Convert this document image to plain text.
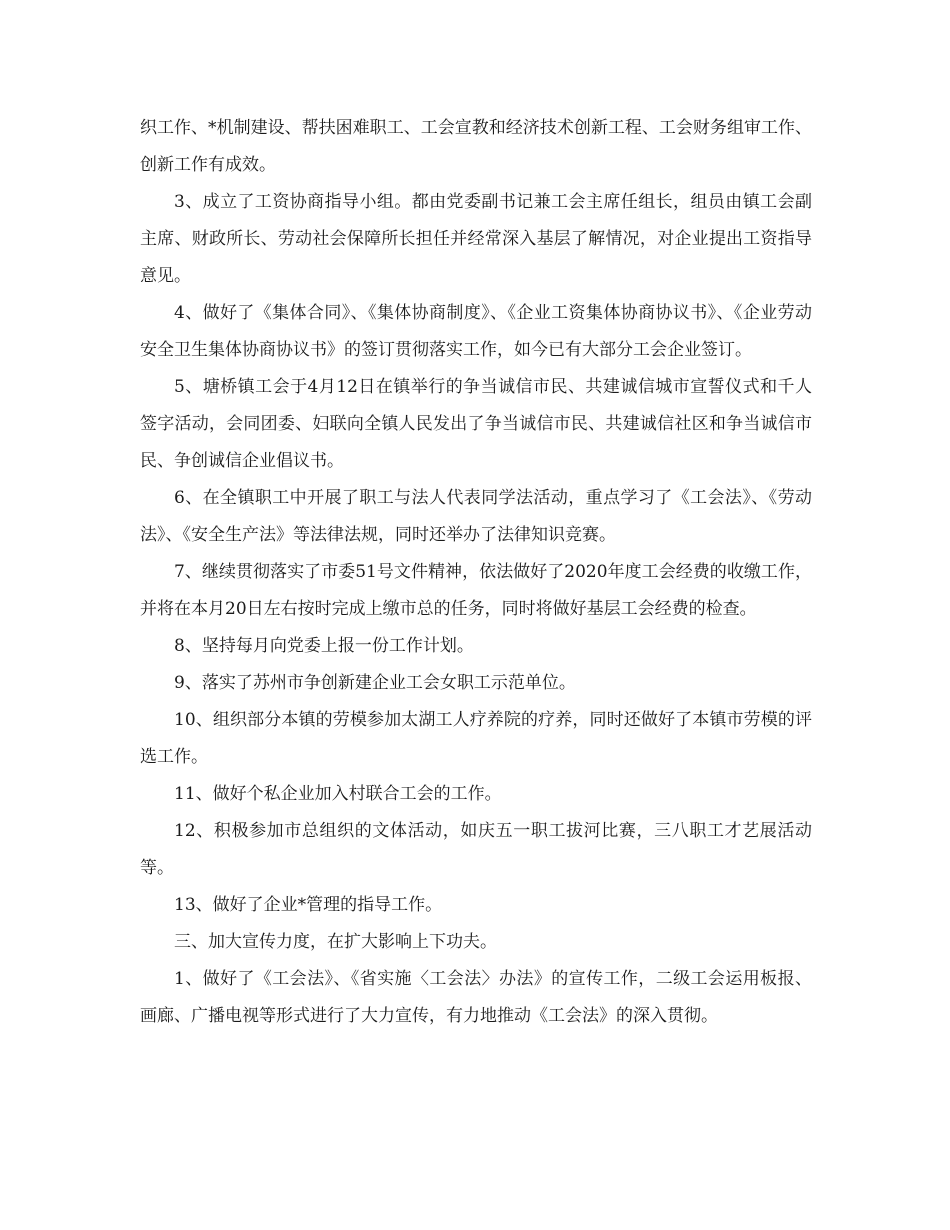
织工作、*机制建设、帮扶困难职工、工会宣教和经济技术创新工程、工会财务组审工作、创新工作有成效。

3、成立了工资协商指导小组。都由党委副书记兼工会主席任组长，组员由镇工会副主席、财政所长、劳动社会保障所长担任并经常深入基层了解情况，对企业提出工资指导意见。

4、做好了《集体合同》、《集体协商制度》、《企业工资集体协商协议书》、《企业劳动安全卫生集体协商协议书》的签订贯彻落实工作，如今已有大部分工会企业签订。

5、塘桥镇工会于4月12日在镇举行的争当诚信市民、共建诚信城市宣誓仪式和千人签字活动，会同团委、妇联向全镇人民发出了争当诚信市民、共建诚信社区和争当诚信市民、争创诚信企业倡议书。

6、在全镇职工中开展了职工与法人代表同学法活动，重点学习了《工会法》、《劳动法》、《安全生产法》等法律法规，同时还举办了法律知识竞赛。

7、继续贯彻落实了市委51号文件精神，依法做好了2020年度工会经费的收缴工作，并将在本月20日左右按时完成上缴市总的任务，同时将做好基层工会经费的检查。

8、坚持每月向党委上报一份工作计划。

9、落实了苏州市争创新建企业工会女职工示范单位。

10、组织部分本镇的劳模参加太湖工人疗养院的疗养，同时还做好了本镇市劳模的评选工作。

11、做好个私企业加入村联合工会的工作。

12、积极参加市总组织的文体活动，如庆五一职工拔河比赛，三八职工才艺展活动等。

13、做好了企业*管理的指导工作。

三、加大宣传力度，在扩大影响上下功夫。

1、做好了《工会法》、《省实施〈工会法〉办法》的宣传工作，二级工会运用板报、画廊、广播电视等形式进行了大力宣传，有力地推动《工会法》的深入贯彻。
